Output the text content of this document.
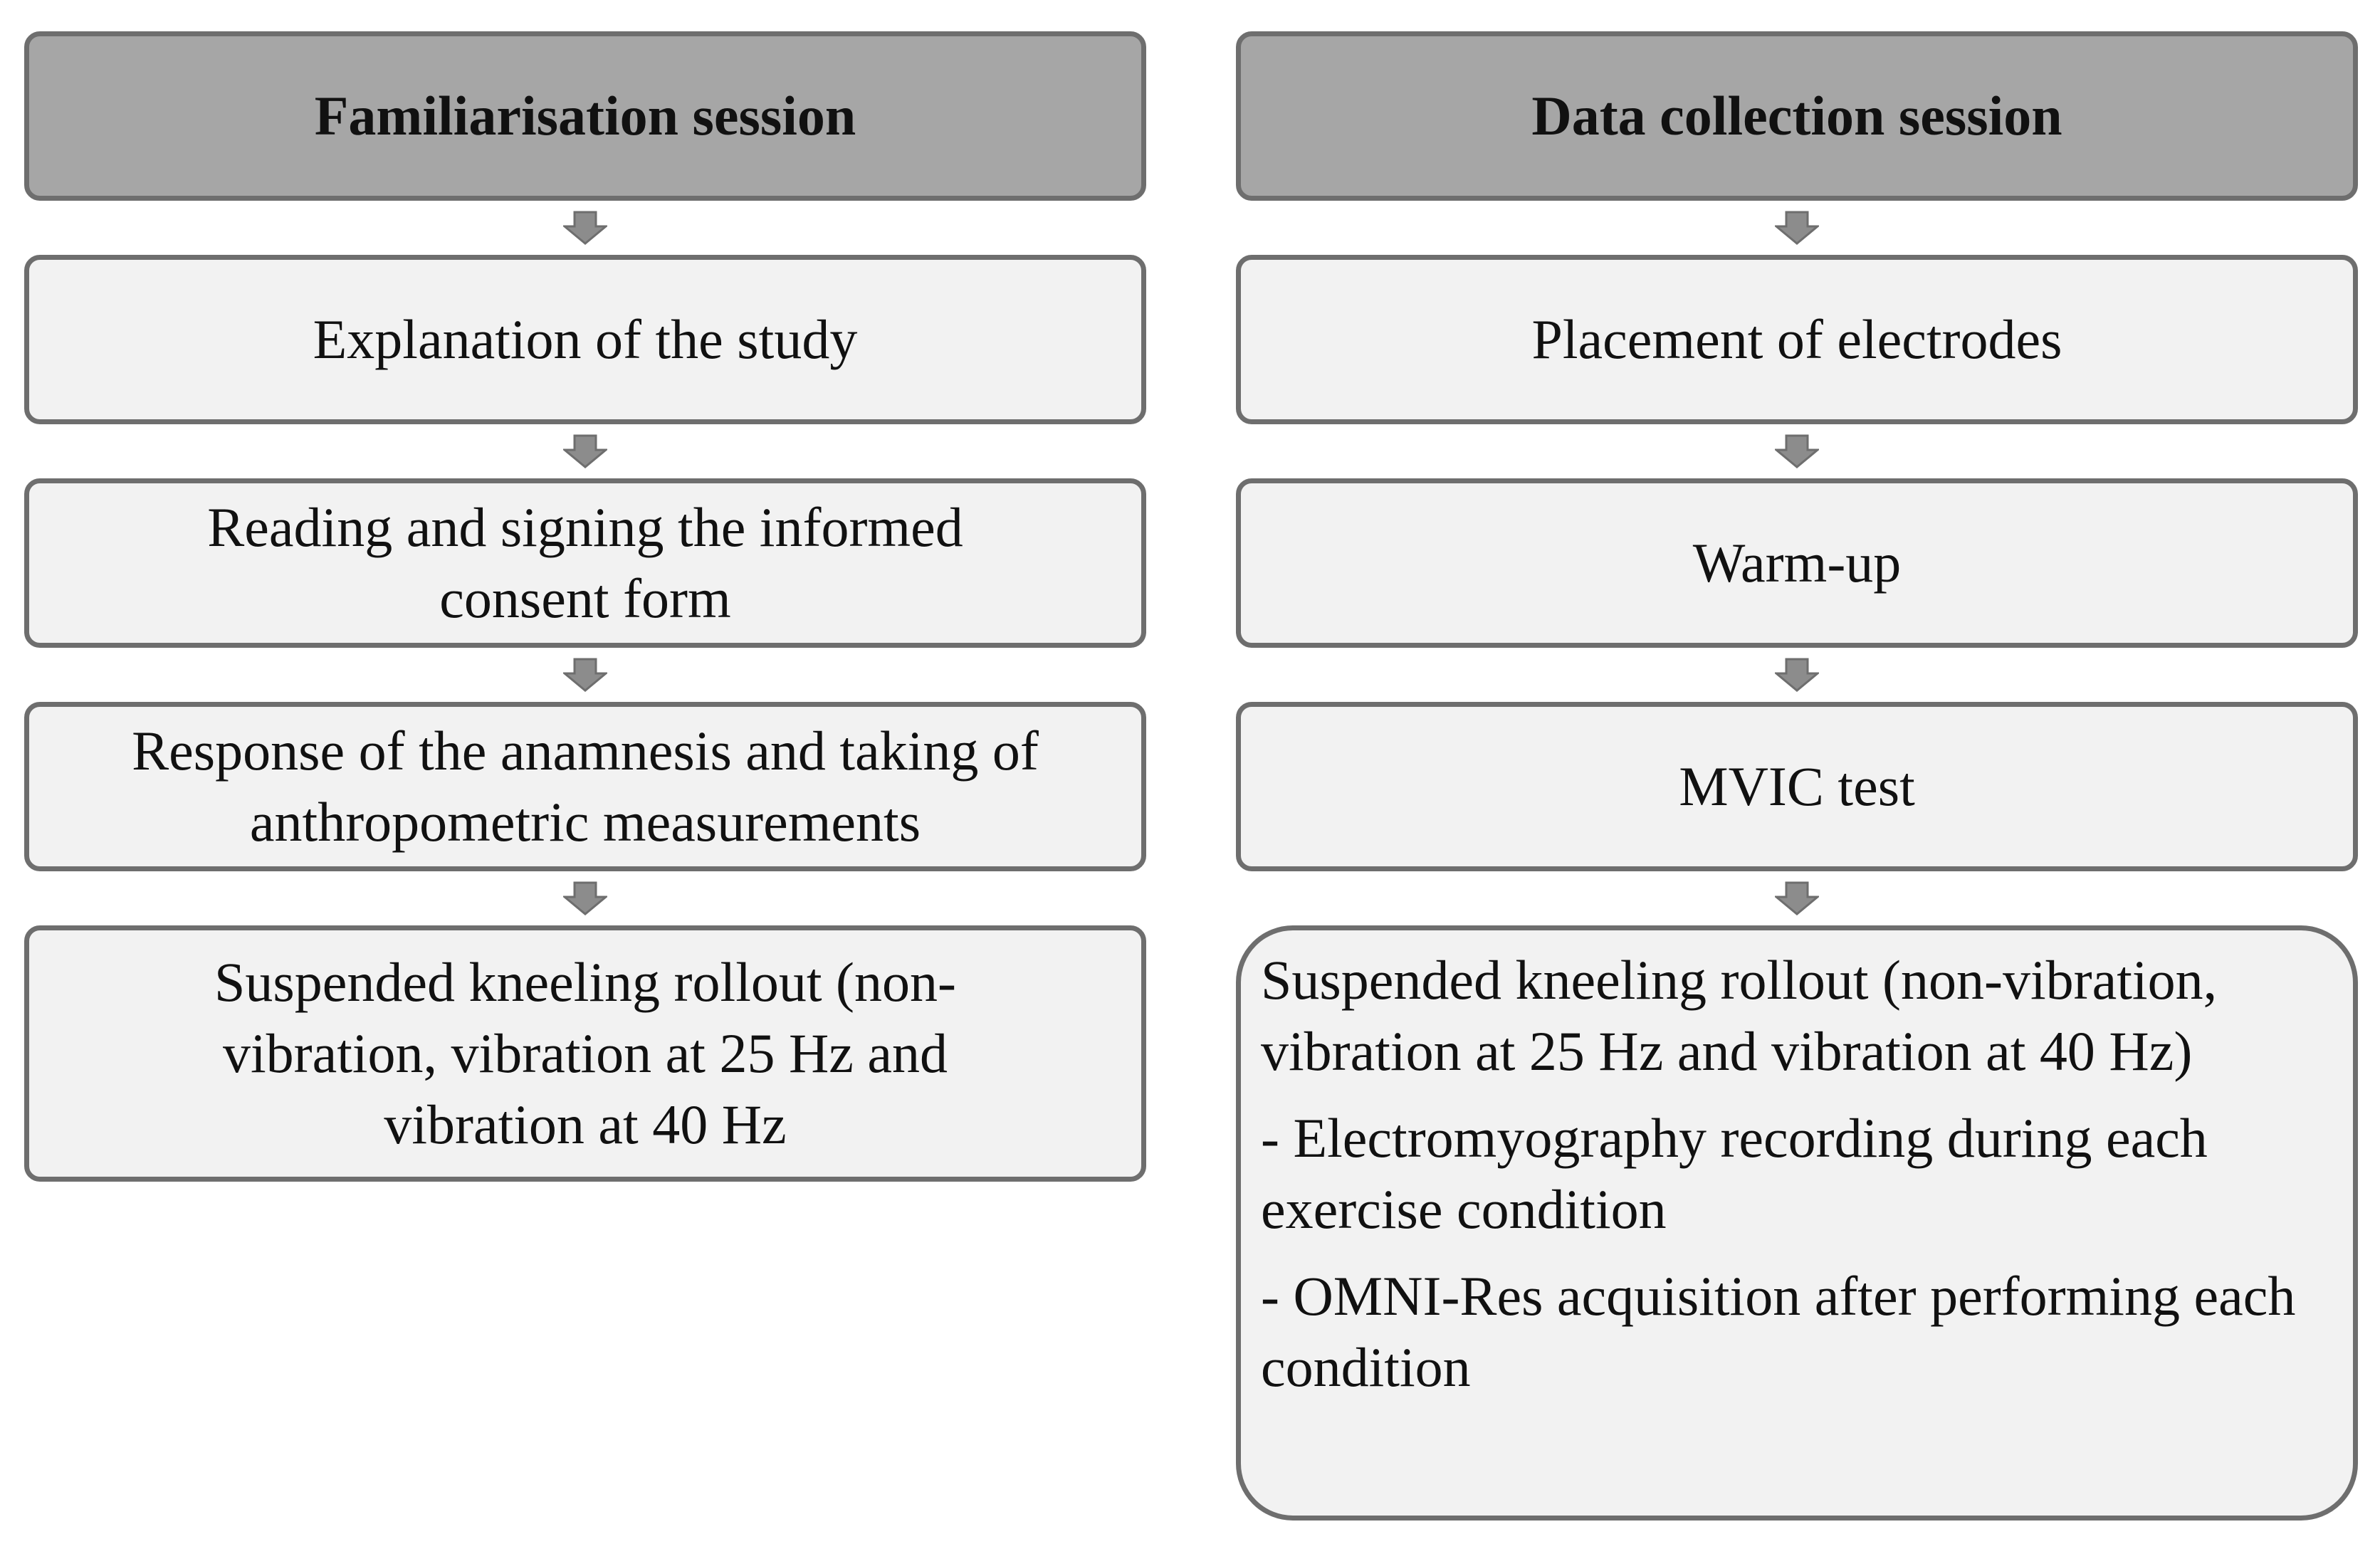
Familiarisation session
Explanation of the study
Reading and signing the informed consent form
Response of the anamnesis and taking of anthropometric measurements
Suspended kneeling rollout (non-vibration, vibration at 25 Hz and vibration at 40 Hz
Data collection session
Placement of electrodes
Warm-up
MVIC test

Suspended kneeling rollout (non-vibration, vibration at 25 Hz and vibration at 40 Hz)

- Electromyography recording during each exercise condition

- OMNI-Res acquisition after performing each condition
